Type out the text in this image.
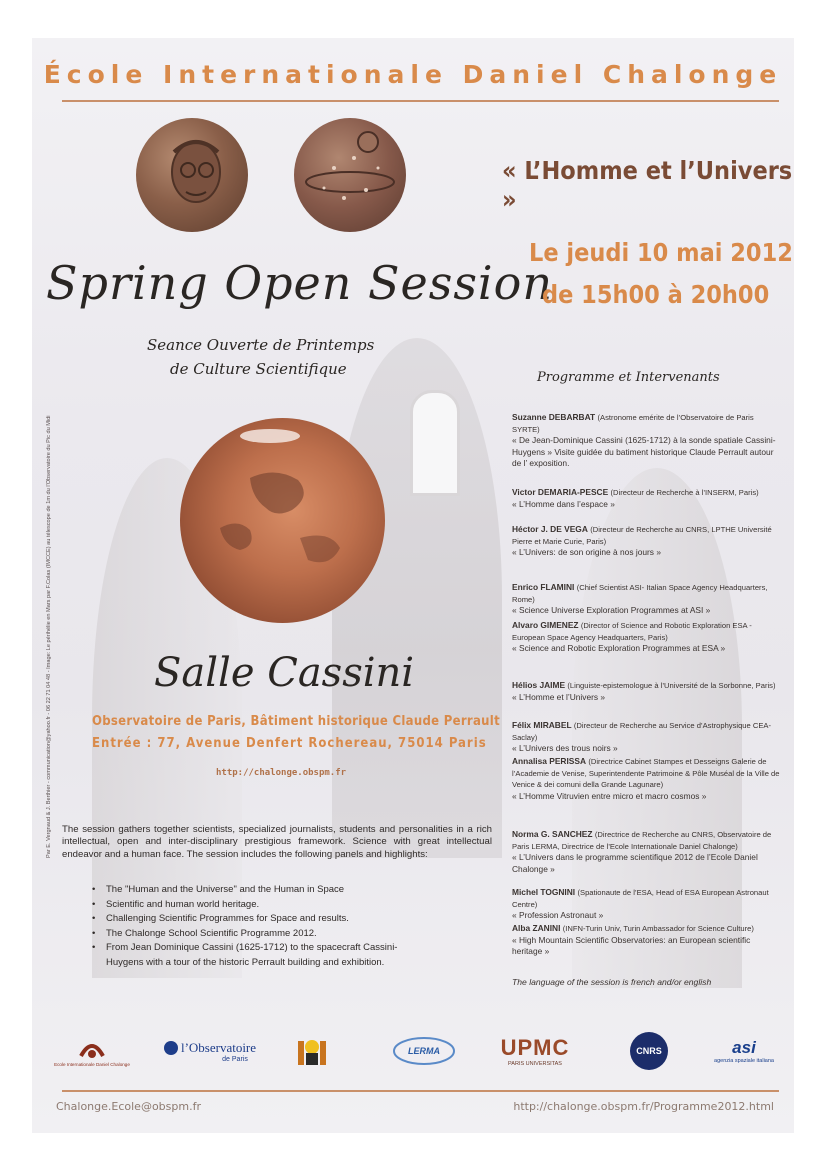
École Internationale Daniel Chalonge
Spring Open Session
Seance Ouverte de Printemps
de Culture Scientifique
« L’Homme et l’Univers »
Le jeudi 10 mai 2012
de 15h00 à 20h00
Salle Cassini
Observatoire de Paris, Bâtiment historique Claude Perrault
Entrée : 77, Avenue Denfert Rochereau, 75014 Paris
http://chalonge.obspm.fr
The session gathers together scientists, specialized journalists, students and personalities in a rich intellectual, open and inter-disciplinary prestigious framework. Science with great intellectual endeavor and a human face. The session includes the following panels and highlights:
• The "Human and the Universe" and the Human in Space
• Scientific and human world heritage.
• Challenging Scientific Programmes for Space and results.
• The Chalonge School Scientific Programme 2012.
• From Jean Dominique Cassini (1625-1712) to the spacecraft Cassini-Huygens with a tour of the historic Perrault building and exhibition.
Programme et Intervenants
Suzanne DEBARBAT (Astronome emérite de l’Observatoire de Paris SYRTE)
« De Jean-Dominique Cassini (1625-1712) à la sonde spatiale Cassini-Huygens » Visite guidée du batiment historique Claude Perrault autour de l’ exposition.
Victor DEMARIA-PESCE (Directeur de Recherche à l’INSERM, Paris)
« L’Homme dans l’espace »
Héctor J. DE VEGA (Directeur de Recherche au CNRS, LPTHE Université Pierre et Marie Curie, Paris)
« L’Univers: de son origine à nos jours »
Enrico FLAMINI (Chief Scientist ASI- Italian Space Agency Headquarters, Rome)
« Science Universe Exploration Programmes at ASI »
Alvaro GIMENEZ (Director of Science and Robotic Exploration ESA - European Space Agency Headquarters, Paris)
« Science and Robotic Exploration Programmes at ESA »
Hélios JAIME (Linguiste-epistemologue à l’Université de la Sorbonne, Paris)
« L’Homme et l’Univers »
Félix MIRABEL (Directeur de Recherche au Service d’Astrophysique CEA-Saclay)
« L’Univers des trous noirs »
Annalisa PERISSA (Directrice Cabinet Stampes et Desseigns Galerie de l’Academie de Venise, Superintendente Patrimoine & Pôle Muséal de la Ville de Venice & dei comuni della Grande Lagunare)
« L’Homme Vitruvien entre micro et macro cosmos »
Norma G. SANCHEZ (Directrice de Recherche au CNRS, Observatoire de Paris LERMA, Directrice de l’Ecole Internationale Daniel Chalonge)
« L’Univers dans le programme scientifique 2012 de l’Ecole Daniel Chalonge »
Michel TOGNINI (Spationaute de l’ESA, Head of ESA European Astronaut Centre)
« Profession Astronaut »
Alba ZANINI (INFN-Turin Univ, Turin Ambassador for Science Culture)
« High Mountain Scientific Observatories: an European scientific heritage »
The language of the session is french and/or english
Par E. Vergnaud & J. Berthier - communication@yahoo.fr - 06 22 71 04 48 - Image: Le périhélie en Mars par F.Colas (IMCCE) au télescope de 1m du l’Observatoire du Pic du Midi
Ecole Internationale Daniel Chalonge
l’Observatoire
de Paris
LERMA	UPMC
PARIS UNIVERSITAS
CNRS	asi
agenzia spaziale italiana
Chalonge.Ecole@obspm.fr	http://chalonge.obspm.fr/Programme2012.html
